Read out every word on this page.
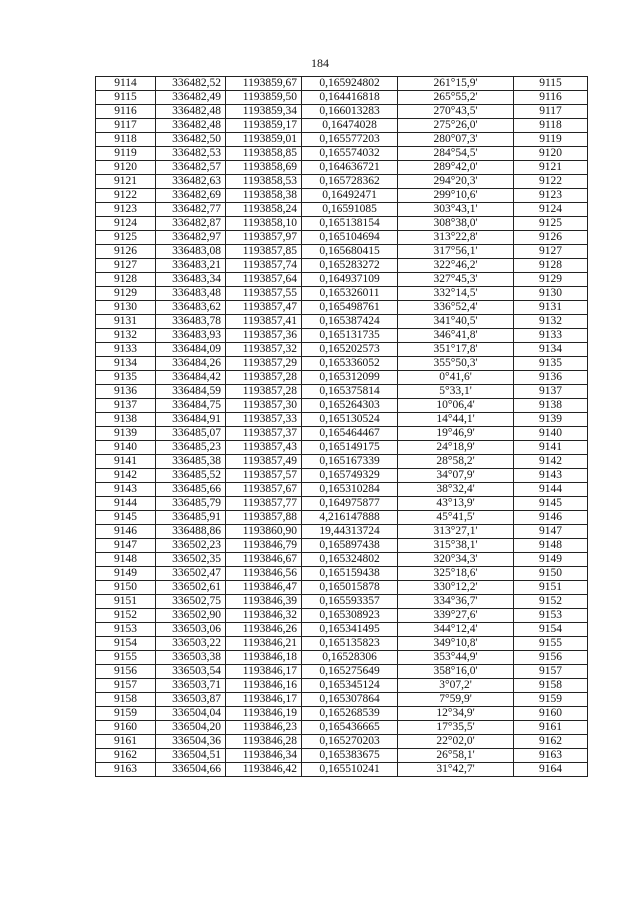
184
9114	336482,52	1193859,67	0,165924802	261°15,9'	9115
9115	336482,49	1193859,50	0,164416818	265°55,2'	9116
9116	336482,48	1193859,34	0,166013283	270°43,5'	9117
9117	336482,48	1193859,17	0,16474028	275°26,0'	9118
9118	336482,50	1193859,01	0,165577203	280°07,3'	9119
9119	336482,53	1193858,85	0,165574032	284°54,5'	9120
9120	336482,57	1193858,69	0,164636721	289°42,0'	9121
9121	336482,63	1193858,53	0,165728362	294°20,3'	9122
9122	336482,69	1193858,38	0,16492471	299°10,6'	9123
9123	336482,77	1193858,24	0,16591085	303°43,1'	9124
9124	336482,87	1193858,10	0,165138154	308°38,0'	9125
9125	336482,97	1193857,97	0,165104694	313°22,8'	9126
9126	336483,08	1193857,85	0,165680415	317°56,1'	9127
9127	336483,21	1193857,74	0,165283272	322°46,2'	9128
9128	336483,34	1193857,64	0,164937109	327°45,3'	9129
9129	336483,48	1193857,55	0,165326011	332°14,5'	9130
9130	336483,62	1193857,47	0,165498761	336°52,4'	9131
9131	336483,78	1193857,41	0,165387424	341°40,5'	9132
9132	336483,93	1193857,36	0,165131735	346°41,8'	9133
9133	336484,09	1193857,32	0,165202573	351°17,8'	9134
9134	336484,26	1193857,29	0,165336052	355°50,3'	9135
9135	336484,42	1193857,28	0,165312099	0°41,6'	9136
9136	336484,59	1193857,28	0,165375814	5°33,1'	9137
9137	336484,75	1193857,30	0,165264303	10°06,4'	9138
9138	336484,91	1193857,33	0,165130524	14°44,1'	9139
9139	336485,07	1193857,37	0,165464467	19°46,9'	9140
9140	336485,23	1193857,43	0,165149175	24°18,9'	9141
9141	336485,38	1193857,49	0,165167339	28°58,2'	9142
9142	336485,52	1193857,57	0,165749329	34°07,9'	9143
9143	336485,66	1193857,67	0,165310284	38°32,4'	9144
9144	336485,79	1193857,77	0,164975877	43°13,9'	9145
9145	336485,91	1193857,88	4,216147888	45°41,5'	9146
9146	336488,86	1193860,90	19,44313724	313°27,1'	9147
9147	336502,23	1193846,79	0,165897438	315°38,1'	9148
9148	336502,35	1193846,67	0,165324802	320°34,3'	9149
9149	336502,47	1193846,56	0,165159438	325°18,6'	9150
9150	336502,61	1193846,47	0,165015878	330°12,2'	9151
9151	336502,75	1193846,39	0,165593357	334°36,7'	9152
9152	336502,90	1193846,32	0,165308923	339°27,6'	9153
9153	336503,06	1193846,26	0,165341495	344°12,4'	9154
9154	336503,22	1193846,21	0,165135823	349°10,8'	9155
9155	336503,38	1193846,18	0,16528306	353°44,9'	9156
9156	336503,54	1193846,17	0,165275649	358°16,0'	9157
9157	336503,71	1193846,16	0,165345124	3°07,2'	9158
9158	336503,87	1193846,17	0,165307864	7°59,9'	9159
9159	336504,04	1193846,19	0,165268539	12°34,9'	9160
9160	336504,20	1193846,23	0,165436665	17°35,5'	9161
9161	336504,36	1193846,28	0,165270203	22°02,0'	9162
9162	336504,51	1193846,34	0,165383675	26°58,1'	9163
9163	336504,66	1193846,42	0,165510241	31°42,7'	9164
